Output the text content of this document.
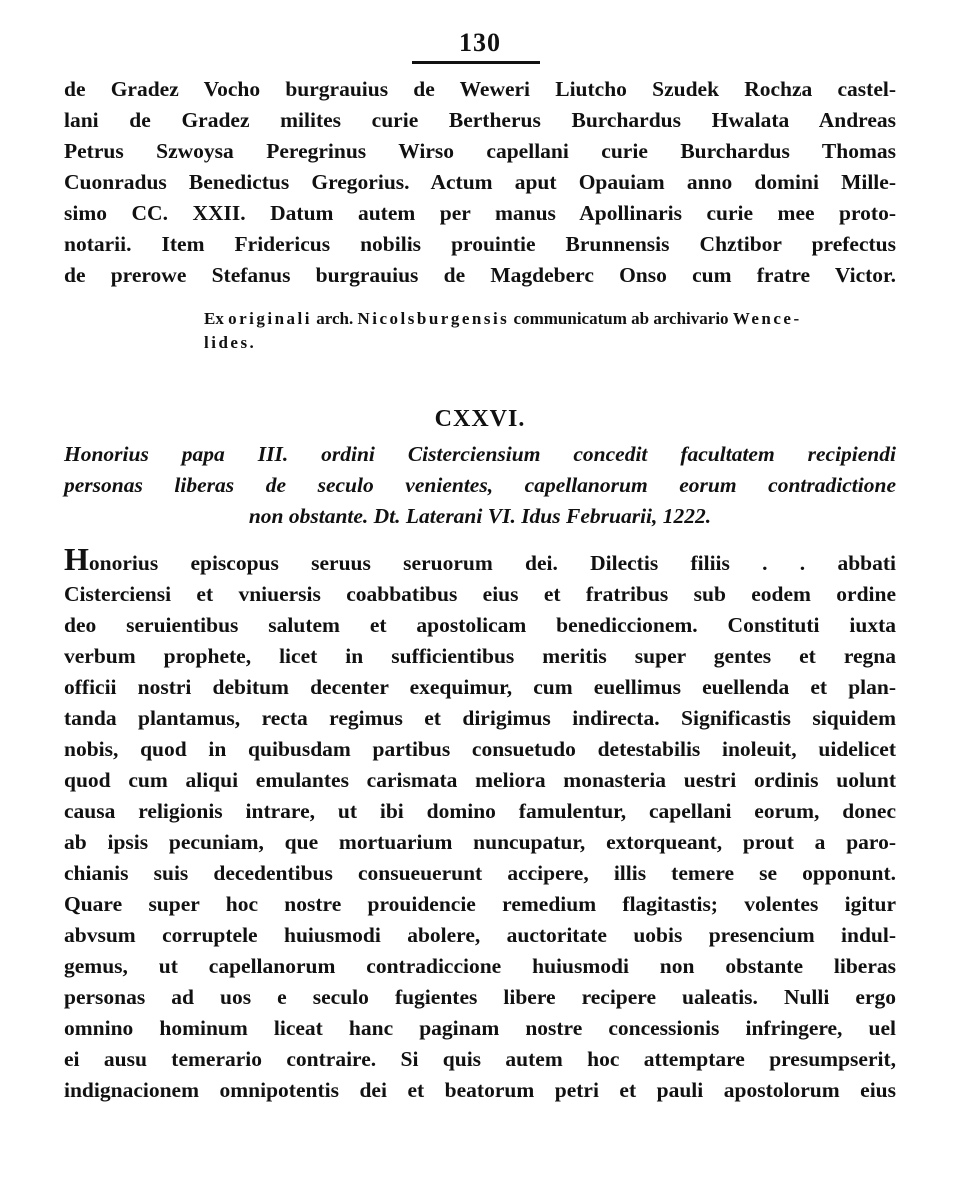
130
de Gradez Vocho burgrauius de Weweri Liutcho Szudek Rochza castel-
lani de Gradez milites curie Bertherus Burchardus Hwalata Andreas
Petrus Szwoysa Peregrinus Wirso capellani curie Burchardus Thomas
Cuonradus Benedictus Gregorius. Actum aput Opauiam anno domini Mille-
simo CC. XXII. Datum autem per manus Apollinaris curie mee proto-
notarii. Item Fridericus nobilis prouintie Brunnensis Chztibor prefectus
de prerowe Stefanus burgrauius de Magdeberc Onso cum fratre Victor.
Ex originali arch. Nicolsburgensis communicatum ab archivario Wence-
lides.
CXXVI.
Honorius papa III. ordini Cisterciensium concedit facultatem recipiendi
personas liberas de seculo venientes, capellanorum eorum contradictione
non obstante. Dt. Laterani VI. Idus Februarii, 1222.
Honorius episcopus seruus seruorum dei. Dilectis filiis . . abbati
Cisterciensi et vniuersis coabbatibus eius et fratribus sub eodem ordine
deo seruientibus salutem et apostolicam benediccionem. Constituti iuxta
verbum prophete, licet in sufficientibus meritis super gentes et regna
officii nostri debitum decenter exequimur, cum euellimus euellenda et plan-
tanda plantamus, recta regimus et dirigimus indirecta. Significastis siquidem
nobis, quod in quibusdam partibus consuetudo detestabilis inoleuit, uidelicet
quod cum aliqui emulantes carismata meliora monasteria uestri ordinis uolunt
causa religionis intrare, ut ibi domino famulentur, capellani eorum, donec
ab ipsis pecuniam, que mortuarium nuncupatur, extorqueant, prout a paro-
chianis suis decedentibus consueuerunt accipere, illis temere se opponunt.
Quare super hoc nostre prouidencie remedium flagitastis; volentes igitur
abvsum corruptele huiusmodi abolere, auctoritate uobis presencium indul-
gemus, ut capellanorum contradiccione huiusmodi non obstante liberas
personas ad uos e seculo fugientes libere recipere ualeatis. Nulli ergo
omnino hominum liceat hanc paginam nostre concessionis infringere, uel
ei ausu temerario contraire. Si quis autem hoc attemptare presumpserit,
indignacionem omnipotentis dei et beatorum petri et pauli apostolorum eius
